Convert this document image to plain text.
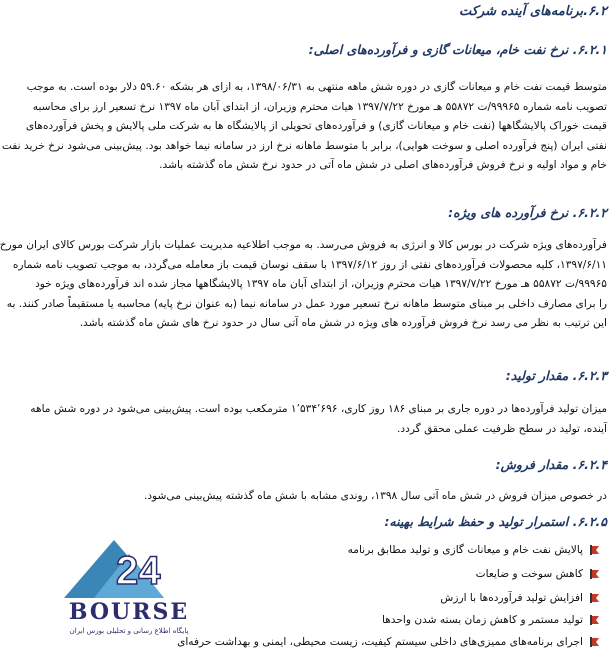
۶.۲.برنامه‌های آینده شرکت
۶.۲.۱. نرخ نفت خام، میعانات گازی و فرآورده‌های اصلی:
متوسط قیمت نفت خام و میعانات گازی در دوره شش ماهه منتهی به ۱۳۹۸/۰۶/۳۱، به ازای هر بشکه ۵۹.۶۰ دلار بوده است. به موجب
تصویب نامه شماره ۹۹۹۶۵/ت ۵۵۸۷۲ هـ مورخ ۱۳۹۷/۷/۲۲ هیات محترم وزیران، از ابتدای آبان ماه ۱۳۹۷ نرخ تسعیر ارز برای محاسبه
قیمت خوراک پالایشگاهها (نفت خام و میعانات گازی) و فرآورده‌های تحویلی از پالایشگاه ها به شرکت ملی پالایش و پخش فرآورده‌های
نفتی ایران (پنج فرآورده اصلی و سوخت هوایی)، برابر با متوسط ماهانه نرخ ارز در سامانه نیما خواهد بود. پیش‌بینی می‌شود نرخ خرید نفت
خام و مواد اولیه و نرخ فروش فرآورده‌های اصلی در شش ماه آتی در حدود نرخ شش ماه گذشته باشد.
۶.۲.۲. نرخ فرآورده های ویژه:
فرآورده‌های ویژه شرکت در بورس کالا و انرژی به فروش می‌رسد. به موجب اطلاعیه مدیریت عملیات بازار شرکت بورس کالای ایران مورخ
۱۳۹۷/۶/۱۱، کلیه محصولات فرآورده‌های نفتی از روز ۱۳۹۷/۶/۱۲ با سقف نوسان قیمت باز معامله می‌گردد، به موجب تصویب نامه شماره
۹۹۹۶۵/ت ۵۵۸۷۲ هـ مورخ ۱۳۹۷/۷/۲۲ هیات محترم وزیران، از ابتدای آبان ماه ۱۳۹۷ پالایشگاهها مجاز شده اند فرآورده‌های ویژه خود
را برای مصارف داخلی بر مبنای متوسط ماهانه نرخ تسعیر مورد عمل در سامانه نیما (به عنوان نرخ پایه) محاسبه یا مستقیماً صادر کنند. به
این ترتیب به نظر می رسد نرخ فروش فرآورده های ویژه در شش ماه آتی سال در حدود نرخ های شش ماه گذشته باشد.
۶.۲.۳. مقدار تولید:
میزان تولید فرآورده‌ها در دوره جاری بر مبنای ۱۸۶ روز کاری، ۱٬۵۳۴٬۶۹۶ مترمکعب بوده است. پیش‌بینی می‌شود در دوره شش ماهه
آینده، تولید در سطح ظرفیت عملی محقق گردد.
۶.۲.۴. مقدار فروش:
در خصوص میزان فروش در شش ماه آتی سال ۱۳۹۸، روندی مشابه با شش ماه گذشته پیش‌بینی می‌شود.
۶.۲.۵. استمرار تولید و حفظ شرایط بهینه:
پالایش نفت خام و میعانات گازی و تولید مطابق برنامه
کاهش سوخت و ضایعات
افزایش تولید فرآورده‌ها با ارزش
تولید مستمر و کاهش زمان بسته شدن واحدها
اجرای برنامه‌های ممیزی‌های داخلی سیستم کیفیت، زیست محیطی، ایمنی و بهداشت حرفه‌ای
24
BOURSE
پایگاه اطلاع رسانی و تحلیلی بورس ایران
